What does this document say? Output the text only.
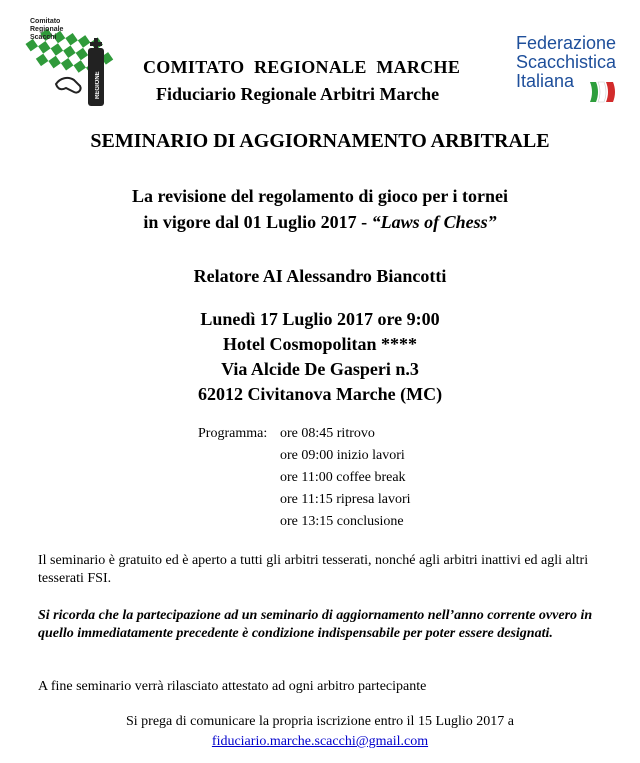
Comitato
Regionale
Scacchi
REGIONE MARCHE
COMITATO  REGIONALE  MARCHE
Fiduciario Regionale Arbitri Marche
Federazione
Scacchistica
Italiana
SEMINARIO DI AGGIORNAMENTO ARBITRALE
La revisione del regolamento di gioco per i tornei
in vigore dal 01 Luglio 2017 - “Laws of Chess”
Relatore AI Alessandro Biancotti
Lunedì 17 Luglio 2017 ore 9:00
Hotel Cosmopolitan ****
Via Alcide De Gasperi n.3
62012 Civitanova Marche (MC)
Programma: ore 08:45 ritrovo
ore 09:00 inizio lavori
ore 11:00 coffee break
ore 11:15 ripresa lavori
ore 13:15 conclusione
Il seminario è gratuito ed è aperto a tutti gli arbitri tesserati, nonché agli arbitri inattivi ed agli altri tesserati FSI.
Si ricorda che la partecipazione ad un seminario di aggiornamento nell’anno corrente ovvero in quello immediatamente precedente è condizione indispensabile per poter essere designati.
A fine seminario verrà rilasciato attestato ad ogni arbitro partecipante
Si prega di comunicare la propria iscrizione entro il 15 Luglio 2017 a
fiduciario.marche.scacchi@gmail.com
